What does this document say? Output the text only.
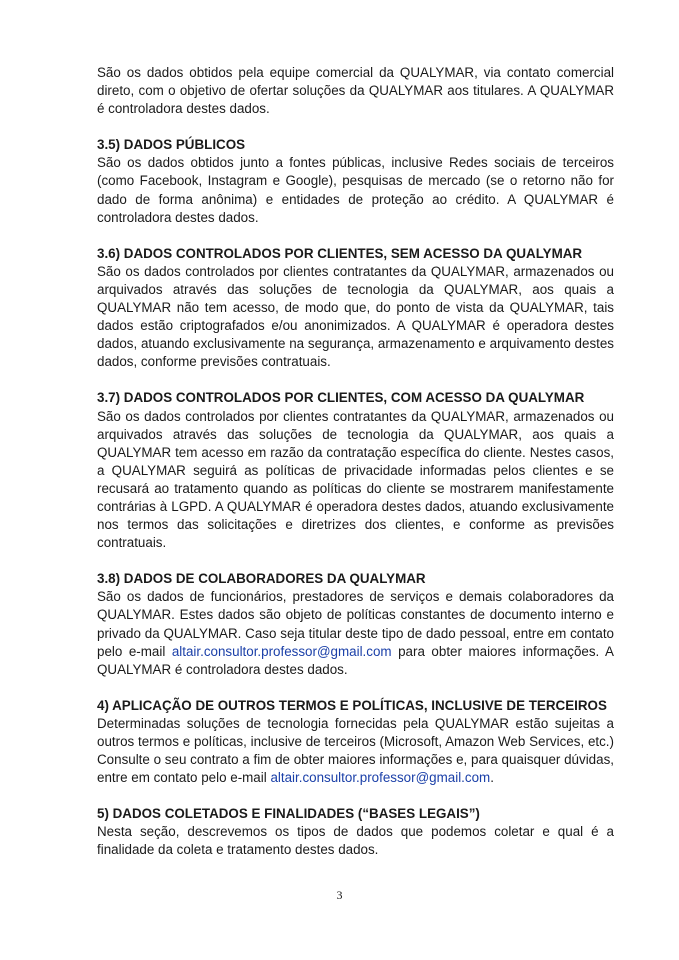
São os dados obtidos pela equipe comercial da QUALYMAR, via contato comercial direto, com o objetivo de ofertar soluções da QUALYMAR aos titulares. A QUALYMAR é controladora destes dados.

3.5) DADOS PÚBLICOS

São os dados obtidos junto a fontes públicas, inclusive Redes sociais de terceiros (como Facebook, Instagram e Google), pesquisas de mercado (se o retorno não for dado de forma anônima) e entidades de proteção ao crédito. A QUALYMAR é controladora destes dados.

3.6) DADOS CONTROLADOS POR CLIENTES, SEM ACESSO DA QUALYMAR

São os dados controlados por clientes contratantes da QUALYMAR, armazenados ou arquivados através das soluções de tecnologia da QUALYMAR, aos quais a QUALYMAR não tem acesso, de modo que, do ponto de vista da QUALYMAR, tais dados estão criptografados e/ou anonimizados. A QUALYMAR é operadora destes dados, atuando exclusivamente na segurança, armazenamento e arquivamento destes dados, conforme previsões contratuais.

3.7) DADOS CONTROLADOS POR CLIENTES, COM ACESSO DA QUALYMAR

São os dados controlados por clientes contratantes da QUALYMAR, armazenados ou arquivados através das soluções de tecnologia da QUALYMAR, aos quais a QUALYMAR tem acesso em razão da contratação específica do cliente. Nestes casos, a QUALYMAR seguirá as políticas de privacidade informadas pelos clientes e se recusará ao tratamento quando as políticas do cliente se mostrarem manifestamente contrárias à LGPD. A QUALYMAR é operadora destes dados, atuando exclusivamente nos termos das solicitações e diretrizes dos clientes, e conforme as previsões contratuais.

3.8) DADOS DE COLABORADORES DA QUALYMAR

São os dados de funcionários, prestadores de serviços e demais colaboradores da QUALYMAR. Estes dados são objeto de políticas constantes de documento interno e privado da QUALYMAR. Caso seja titular deste tipo de dado pessoal, entre em contato pelo e-mail altair.consultor.professor@gmail.com para obter maiores informações. A QUALYMAR é controladora destes dados.

4) APLICAÇÃO DE OUTROS TERMOS E POLÍTICAS, INCLUSIVE DE TERCEIROS

Determinadas soluções de tecnologia fornecidas pela QUALYMAR estão sujeitas a outros termos e políticas, inclusive de terceiros (Microsoft, Amazon Web Services, etc.) Consulte o seu contrato a fim de obter maiores informações e, para quaisquer dúvidas, entre em contato pelo e-mail altair.consultor.professor@gmail.com.

5) DADOS COLETADOS E FINALIDADES (“BASES LEGAIS”)

Nesta seção, descrevemos os tipos de dados que podemos coletar e qual é a finalidade da coleta e tratamento destes dados.

3
